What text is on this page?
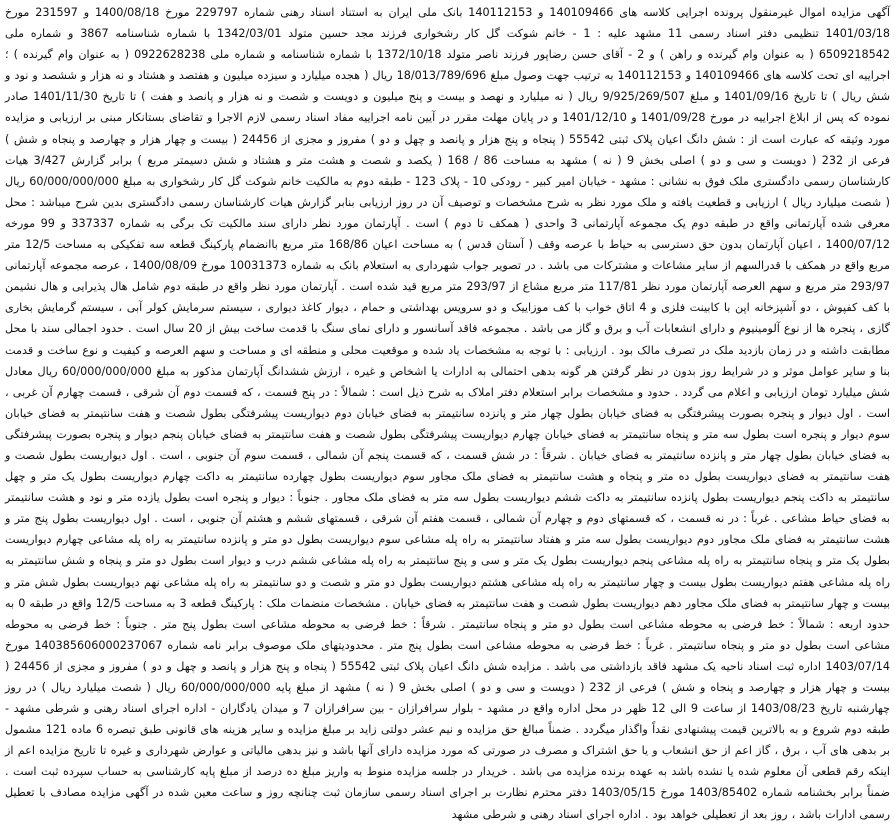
آگهی مزایده اموال غیرمنقول پرونده اجرایی کلاسه های 140109466 و 140112153 بانک ملی ایران به استناد اسناد رهنی شماره 229797 مورخ 1400/08/18 و 231597 مورخ 1401/03/18 تنظیمی دفتر اسناد رسمی 11 مشهد علیه : 1 - خانم شوکت گل کار رشخواری فرزند مجد حسین متولد 1342/03/01 با شماره شناسنامه 3867 و شماره ملی 6509218542 ( به عنوان وام گیرنده و راهن ) و 2 - آقای حسن رضاپور فرزند ناصر متولد 1372/10/18 با شماره شناسنامه و شماره ملی 0922628238 ( به عنوان وام گیرنده ) ؛ اجراییه ای تحت کلاسه های 140109466 و 140112153 به ترتیب جهت وصول مبلغ 18/013/789/696 ریال ( هجده میلیارد و سیزده میلیون و هفتصد و هشتاد و نه هزار و ششصد و نود و شش ریال ) تا تاریخ 1401/09/16 و مبلغ 9/925/269/507 ریال ( نه میلیارد و نهصد و بیست و پنج میلیون و دویست و شصت و نه هزار و پانصد و هفت ) تا تاریخ 1401/11/30 صادر نموده که پس از ابلاغ اجراییه در مورخ 1401/09/28 و 1401/12/10 و در پایان مهلت مقرر در آیین نامه اجراییه مفاد اسناد رسمی لازم الاجرا و تقاضای بستانکار مبنی بر ارزیابی و مزایده مورد وثیقه که عبارت است از : شش دانگ اعیان پلاک ثبتی 55542 ( پنجاه و پنج هزار و پانصد و چهل و دو ) مفروز و مجزی از 24456 ( بیست و چهار هزار و چهارصد و پنجاه و شش ) فرعی از 232 ( دویست و سی و دو ) اصلی بخش 9 ( نه ) مشهد به مساحت 86 / 168 ( یکصد و شصت و هشت متر و هشتاد و شش دسیمتر مربع ) برابر گزارش 3/427 هیات کارشناسان رسمی دادگستری ملک فوق به نشانی : مشهد - خیابان امیر کبیر - رودکی 10 - پلاک 123 - طبقه دوم به مالکیت خانم شوکت گل کار رشخواری به مبلغ 60/000/000/000 ریال ( شصت میلیارد ریال ) ارزیابی و قطعیت یافته و ملک مورد نظر به شرح مشخصات و توصیف آن در روز ارزیابی بنابر گزارش هیات کارشناسان رسمی دادگستری بدین شرح میباشد : محل معرفی شده آپارتمانی واقع در طبقه دوم یک مجموعه آپارتمانی 3 واحدی ( همکف تا دوم ) است . آپارتمان مورد نظر دارای سند مالکیت تک برگی به شماره 337337 و 99 مورخه 1400/07/12 ، اعیان آپارتمان بدون حق دسترسی به حیاط با عرصه وقف ( آستان قدس ) به مساحت اعیان 168/86 متر مربع باانضمام پارکینگ قطعه سه تفکیکی به مساحت 12/5 متر مربع واقع در همکف با قدرالسهم از سایر مشاعات و مشترکات می باشد . در تصویر جواب شهرداری به استعلام بانک به شماره 10031373 مورخ 1400/08/09 ، عرصه مجموعه آپارتمانی 293/97 متر مربع و سهم العرصه آپارتمان مورد نظر 117/81 متر مربع مشاع از 293/97 متر مربع قید شده است . آپارتمان مورد نظر واقع در طبقه دوم شامل هال پذیرایی و هال نشیمن با کف کفپوش ، دو آشپزخانه اپن با کابینت فلزی و 4 اتاق خواب با کف موزاییک و دو سرویس بهداشتی و حمام ، دیوار کاغذ دیواری ، سیستم سرمایش کولر آبی ، سیستم گرمایش بخاری گازی ، پنجره ها از نوع آلومینیوم و دارای انشعابات آب و برق و گاز می باشد . مجموعه فاقد آسانسور و دارای نمای سنگ با قدمت ساخت بیش از 20 سال است . حدود اجمالی سند با محل مطابقت داشته و در زمان بازدید ملک در تصرف مالک بود . ارزیابی : با توجه به مشخصات یاد شده و موقعیت محلی و منطقه ای و مساحت و سهم العرصه و کیفیت و نوع ساخت و قدمت بنا و سایر عوامل موثر و در شرایط روز بدون در نظر گرفتن هر گونه بدهی احتمالی به ادارات یا اشخاص و غیره ، ارزش ششدانگ آپارتمان مذکور به مبلغ 60/000/000/000 ریال معادل شش میلیارد تومان ارزیابی و اعلام می گردد . حدود و مشخصات برابر استعلام دفتر املاک به شرح ذیل است : شمالاً : در پنج قسمت ، که قسمت دوم آن شرقی ، قسمت چهارم آن غربی ، است . اول دیوار و پنجره بصورت پیشرفتگی به فضای خیابان بطول چهار متر و پانزده سانتیمتر به فضای خیابان دوم دیواریست پیشرفتگی بطول شصت و هفت سانتیمتر به فضای خیابان سوم دیوار و پنجره است بطول سه متر و پنجاه سانتیمتر به فضای خیابان چهارم دیواریست پیشرفتگی بطول شصت و هفت سانتیمتر به فضای خیابان پنجم دیوار و پنجره بصورت پیشرفتگی به فضای خیابان بطول چهار متر و پانزده سانتیمتر به فضای خیابان . شرقاً : در شش قسمت ، که قسمت پنجم آن شمالی ، قسمت سوم آن جنوبی ، است . اول دیواریست بطول شصت و هفت سانتیمتر به فضای دیواریست بطول ده متر و پنجاه و هشت سانتیمتر به فضای ملک مجاور سوم دیواریست بطول چهارده سانتیمتر به داکت چهارم دیواریست بطول یک متر و چهل سانتیمتر به داکت پنجم دیواریست بطول پانزده سانتیمتر به داکت ششم دیواریست بطول سه متر به فضای ملک مجاور . جنوباً : دیوار و پنجره است بطول یازده متر و نود و هشت سانتیمتر به فضای حیاط مشاعی . غرباً : در نه قسمت ، که قسمتهای دوم و چهارم آن شمالی ، قسمت هفتم آن شرقی ، قسمتهای ششم و هشتم آن جنوبی ، است . اول دیواریست بطول پنج متر و هشت سانتیمتر به فضای ملک مجاور دوم دیواریست بطول سه متر و هفتاد سانتیمتر به راه پله مشاعی سوم دیواریست بطول دو متر و پانزده سانتیمتر به راه پله مشاعی چهارم دیواریست بطول یک متر و پنجاه سانتیمتر به راه پله مشاعی پنجم دیواریست بطول یک متر و سی و پنج سانتیمتر به راه پله مشاعی ششم درب و دیوار است بطول دو متر و پنجاه و شش سانتیمتر به راه پله مشاعی هفتم دیواریست بطول بیست و چهار سانتیمتر به راه پله مشاعی هشتم دیواریست بطول دو متر و شصت و دو سانتیمتر به راه پله مشاعی نهم دیواریست بطول شش متر و بیست و چهار سانتیمتر به فضای ملک مجاور دهم دیواریست بطول شصت و هفت سانتیمتر به فضای خیابان . مشخصات منضمات ملک : پارکینگ قطعه 3 به مساحت 12/5 واقع در طبقه 0 به حدود اربعه : شمالاً : خط فرضی به محوطه مشاعی است بطول دو متر و پنجاه سانتیمتر . شرقاً : خط فرضی به محوطه مشاعی است بطول پنج متر . جنوباً : خط فرضی به محوطه مشاعی است بطول دو متر و پنجاه سانتیمتر . غرباً : خط فرضی به محوطه مشاعی است بطول پنج متر . محدودیتهای ملک موصوف برابر نامه شماره 140385606000237067 مورخ 1403/07/14 اداره ثبت اسناد ناحیه یک مشهد فاقد بازداشتی می باشد . مزایده شش دانگ اعیان پلاک ثبتی 55542 ( پنجاه و پنج هزار و پانصد و چهل و دو ) مفروز و مجزی از 24456 ( بیست و چهار هزار و چهارصد و پنجاه و شش ) فرعی از 232 ( دویست و سی و دو ) اصلی بخش 9 ( نه ) مشهد از مبلغ پایه 60/000/000/000 ریال ( شصت میلیارد ریال ) در روز چهارشنبه تاریخ 1403/08/23 از ساعت 9 الی 12 ظهر در محل اداره واقع در مشهد - بلوار سرافرازان - بین سرافرازان 7 و میدان یادگاران - اداره اجرای اسناد رهنی و شرطی مشهد - طبقه دوم شروع و به بالاترین قیمت پیشنهادی نقداً واگذار میگردد . ضمناً مبالغ حق مزایده و نیم عشر دولتی زاید بر مبلغ مزایده و سایر هزینه های قانونی طبق تبصره 6 ماده 121 مشمول بر بدهی های آب ، برق ، گاز اعم از حق انشعاب و یا حق اشتراک و مصرف در صورتی که مورد مزایده دارای آنها باشد و نیز بدهی مالیاتی و عوارض شهرداری و غیره تا تاریخ مزایده اعم از اینکه رقم قطعی آن معلوم شده یا نشده باشد به عهده برنده مزایده می باشد . خریدار در جلسه مزایده منوط به واریز مبلغ ده درصد از مبلغ پایه کارشناسی به حساب سپرده ثبت است . ضمناً برابر بخشنامه شماره 1403/85402 مورخ 1403/05/15 دفتر محترم نظارت بر اجرای اسناد رسمی سازمان ثبت چنانچه روز و ساعت معین شده در آگهی مزایده مصادف با تعطیل رسمی ادارات باشد ، روز بعد از تعطیلی خواهد بود . اداره اجرای اسناد رهنی و شرطی مشهد
